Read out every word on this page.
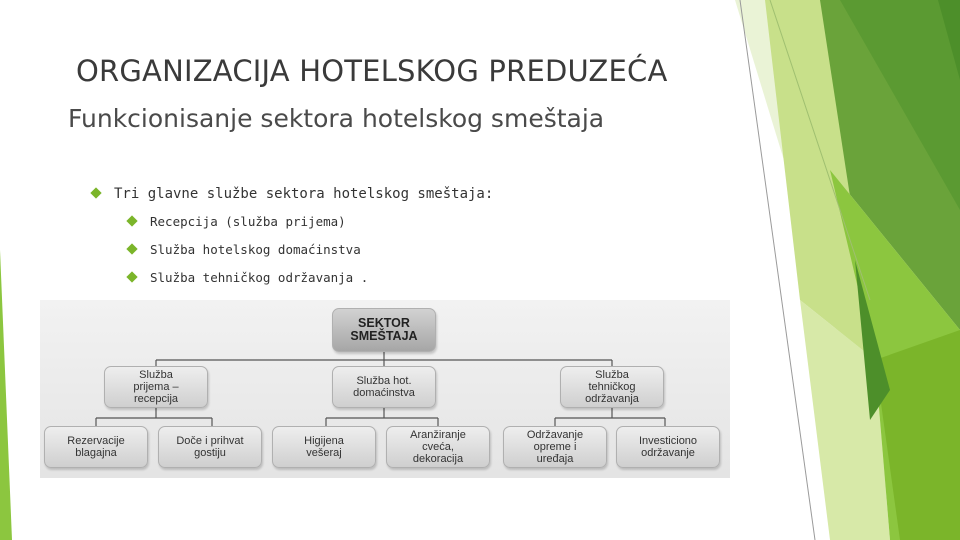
ORGANIZACIJA HOTELSKOG PREDUZEĆA
Funkcionisanje sektora hotelskog smeštaja
Tri glavne službe sektora hotelskog smeštaja:
Recepcija (služba prijema)
Služba hotelskog domaćinstva
Služba tehničkog održavanja .
SEKTOR
SMEŠTAJA
Služba
prijema –
recepcija
Služba hot.
domaćinstva
Služba
tehničkog
održavanja
Rezervacije
blagajna
Doče i prihvat
gostiju
Higijena
vešeraj
Aranžiranje
cveća,
dekoracija
Održavanje
opreme i
uređaja
Investiciono
održavanje
